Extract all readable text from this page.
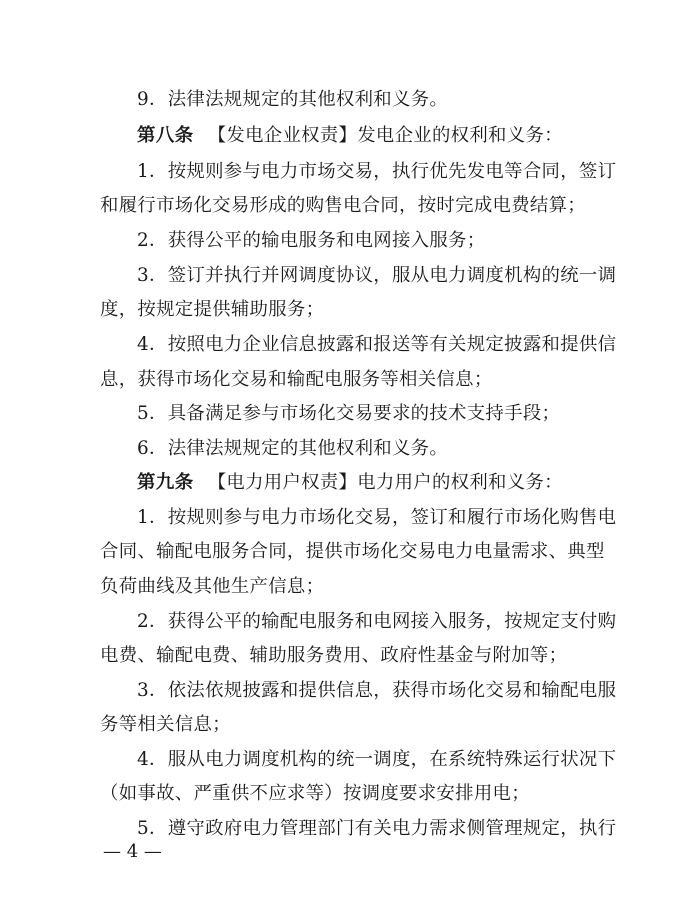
9．法律法规规定的其他权利和义务。
第八条 【发电企业权责】发电企业的权利和义务：
1．按规则参与电力市场交易，执行优先发电等合同，签订
和履行市场化交易形成的购售电合同，按时完成电费结算；
2．获得公平的输电服务和电网接入服务；
3．签订并执行并网调度协议，服从电力调度机构的统一调
度，按规定提供辅助服务；
4．按照电力企业信息披露和报送等有关规定披露和提供信
息，获得市场化交易和输配电服务等相关信息；
5．具备满足参与市场化交易要求的技术支持手段；
6．法律法规规定的其他权利和义务。
第九条 【电力用户权责】电力用户的权利和义务：
1．按规则参与电力市场化交易，签订和履行市场化购售电
合同、输配电服务合同，提供市场化交易电力电量需求、典型
负荷曲线及其他生产信息；
2．获得公平的输配电服务和电网接入服务，按规定支付购
电费、输配电费、辅助服务费用、政府性基金与附加等；
3．依法依规披露和提供信息，获得市场化交易和输配电服
务等相关信息；
4．服从电力调度机构的统一调度，在系统特殊运行状况下
（如事故、严重供不应求等）按调度要求安排用电；
5．遵守政府电力管理部门有关电力需求侧管理规定，执行
— 4 —
